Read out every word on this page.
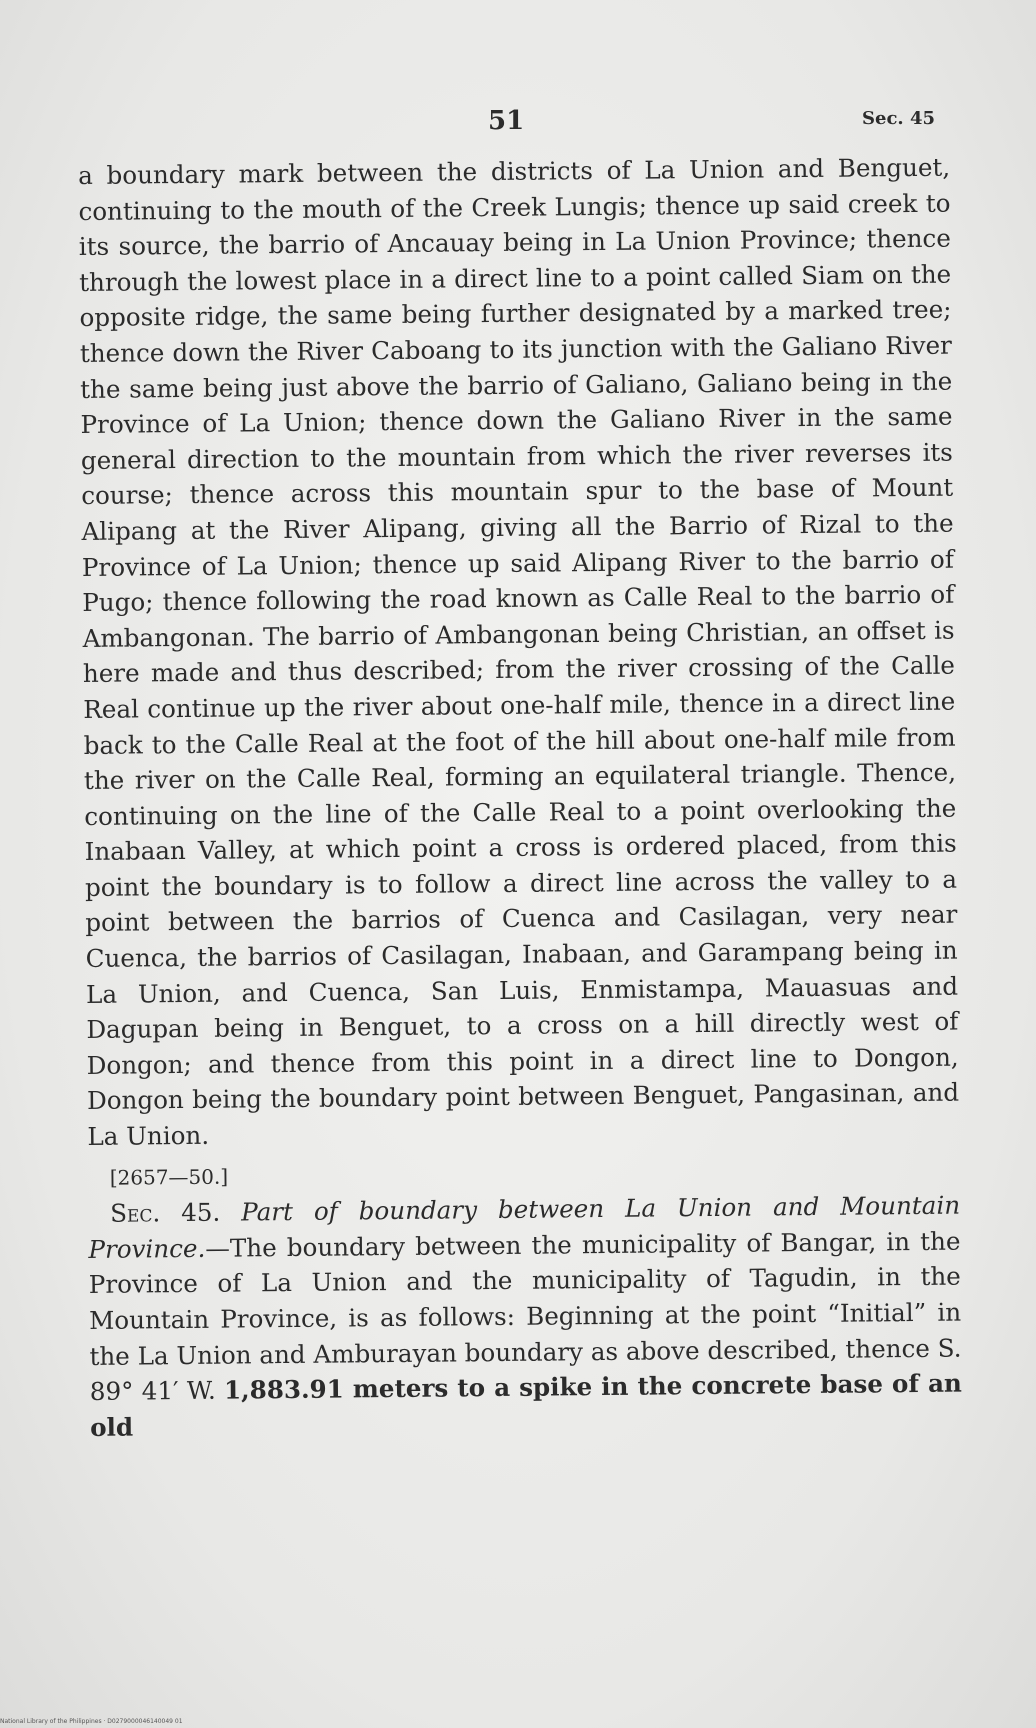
51	Sec. 45

a boundary mark between the districts of La Union and Benguet, continuing to the mouth of the Creek Lungis; thence up said creek to its source, the barrio of Ancauay being in La Union Province; thence through the lowest place in a direct line to a point called Siam on the opposite ridge, the same being further designated by a marked tree; thence down the River Caboang to its junction with the Galiano River the same being just above the barrio of Galiano, Galiano being in the Province of La Union; thence down the Galiano River in the same general direction to the mountain from which the river reverses its course; thence across this mountain spur to the base of Mount Alipang at the River Alipang, giving all the Barrio of Rizal to the Province of La Union; thence up said Alipang River to the barrio of Pugo; thence following the road known as Calle Real to the barrio of Ambangonan. The barrio of Ambangonan being Christian, an offset is here made and thus described; from the river crossing of the Calle Real continue up the river about one-half mile, thence in a direct line back to the Calle Real at the foot of the hill about one-half mile from the river on the Calle Real, forming an equilateral triangle. Thence, continuing on the line of the Calle Real to a point overlooking the Inabaan Valley, at which point a cross is ordered placed, from this point the boundary is to follow a direct line across the valley to a point between the barrios of Cuenca and Casilagan, very near Cuenca, the barrios of Casilagan, Inabaan, and Garampang being in La Union, and Cuenca, San Luis, Enmistampa, Mauasuas and Dagupan being in Benguet, to a cross on a hill directly west of Dongon; and thence from this point in a direct line to Dongon, Dongon being the boundary point between Benguet, Pangasinan, and La Union.

[2657—50.]

Sec. 45. Part of boundary between La Union and Mountain Province.—The boundary between the municipality of Bangar, in the Province of La Union and the municipality of Tagudin, in the Mountain Province, is as follows: Beginning at the point “Initial” in the La Union and Amburayan boundary as above described, thence S. 89° 41′ W. 1,883.91 meters to a spike in the concrete base of an old

National Library of the Philippines · D0279000046140049 01
